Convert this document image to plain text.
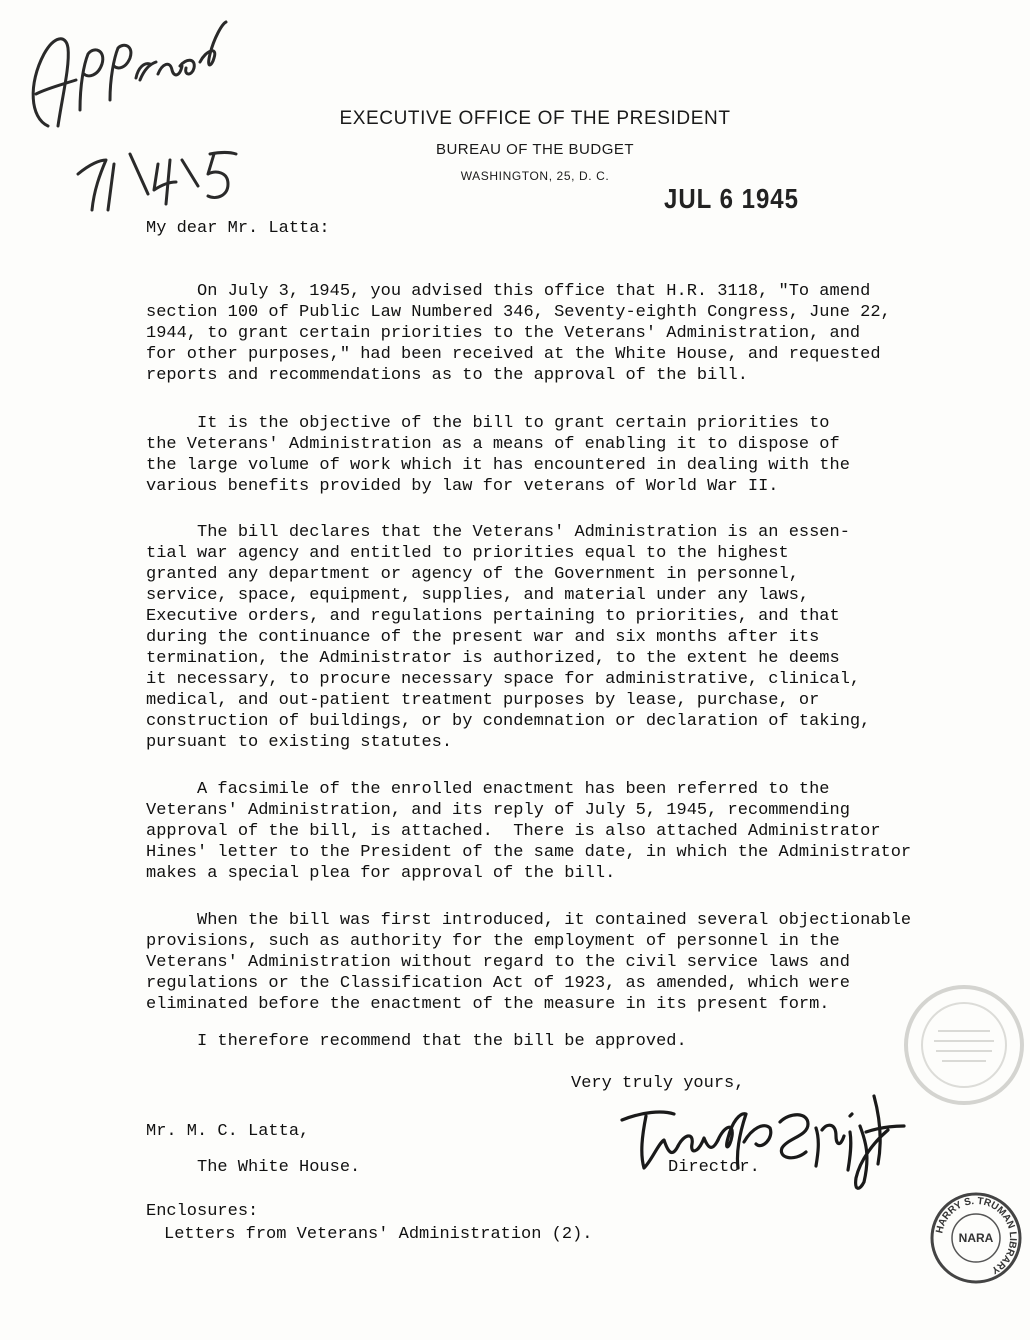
EXECUTIVE OFFICE OF THE PRESIDENT
BUREAU OF THE BUDGET
WASHINGTON, 25, D. C.
JUL 6 1945
My dear Mr. Latta:
On July 3, 1945, you advised this office that H.R. 3118, "To amend
section 100 of Public Law Numbered 346, Seventy-eighth Congress, June 22,
1944, to grant certain priorities to the Veterans' Administration, and
for other purposes," had been received at the White House, and requested
reports and recommendations as to the approval of the bill.
It is the objective of the bill to grant certain priorities to
the Veterans' Administration as a means of enabling it to dispose of
the large volume of work which it has encountered in dealing with the
various benefits provided by law for veterans of World War II.
The bill declares that the Veterans' Administration is an essen-
tial war agency and entitled to priorities equal to the highest
granted any department or agency of the Government in personnel,
service, space, equipment, supplies, and material under any laws,
Executive orders, and regulations pertaining to priorities, and that
during the continuance of the present war and six months after its
termination, the Administrator is authorized, to the extent he deems
it necessary, to procure necessary space for administrative, clinical,
medical, and out-patient treatment purposes by lease, purchase, or
construction of buildings, or by condemnation or declaration of taking,
pursuant to existing statutes.
A facsimile of the enrolled enactment has been referred to the
Veterans' Administration, and its reply of July 5, 1945, recommending
approval of the bill, is attached.  There is also attached Administrator
Hines' letter to the President of the same date, in which the Administrator
makes a special plea for approval of the bill.
When the bill was first introduced, it contained several objectionable
provisions, such as authority for the employment of personnel in the
Veterans' Administration without regard to the civil service laws and
regulations or the Classification Act of 1923, as amended, which were
eliminated before the enactment of the measure in its present form.
I therefore recommend that the bill be approved.
Very truly yours,
Mr. M. C. Latta,
The White House.	Director.
Enclosures:
Letters from Veterans' Administration (2).	HARRY S. TRUMAN LIBRARY
NARA
